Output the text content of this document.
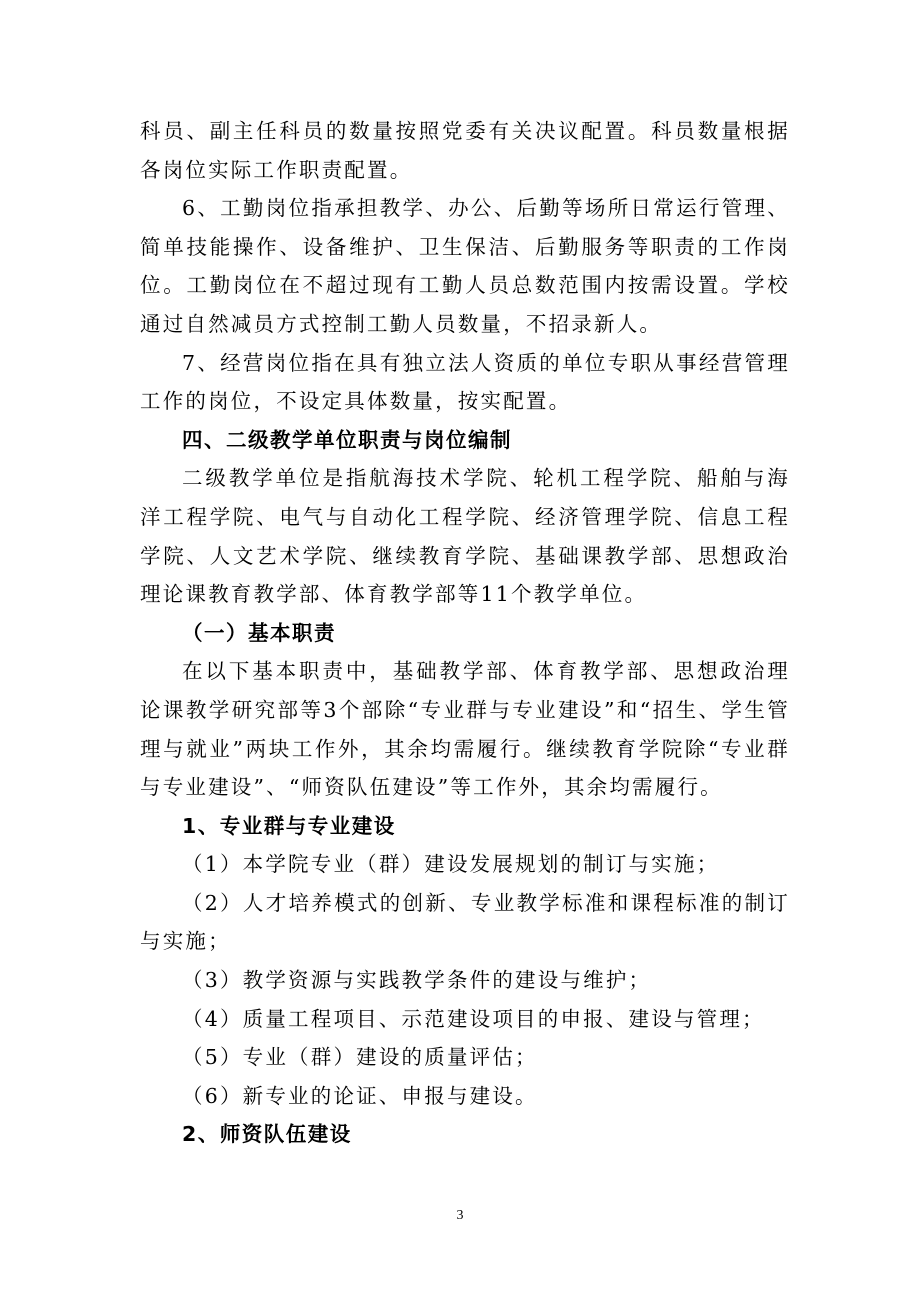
科员、副主任科员的数量按照党委有关决议配置。科员数量根据各岗位实际工作职责配置。

6、工勤岗位指承担教学、办公、后勤等场所日常运行管理、简单技能操作、设备维护、卫生保洁、后勤服务等职责的工作岗位。工勤岗位在不超过现有工勤人员总数范围内按需设置。学校通过自然减员方式控制工勤人员数量，不招录新人。

7、经营岗位指在具有独立法人资质的单位专职从事经营管理工作的岗位，不设定具体数量，按实配置。

四、二级教学单位职责与岗位编制

二级教学单位是指航海技术学院、轮机工程学院、船舶与海洋工程学院、电气与自动化工程学院、经济管理学院、信息工程学院、人文艺术学院、继续教育学院、基础课教学部、思想政治理论课教育教学部、体育教学部等11个教学单位。

（一）基本职责

在以下基本职责中，基础教学部、体育教学部、思想政治理论课教学研究部等3个部除“专业群与专业建设”和“招生、学生管理与就业”两块工作外，其余均需履行。继续教育学院除“专业群与专业建设”、“师资队伍建设”等工作外，其余均需履行。

1、专业群与专业建设

（1）本学院专业（群）建设发展规划的制订与实施；

（2）人才培养模式的创新、专业教学标准和课程标准的制订与实施；

（3）教学资源与实践教学条件的建设与维护；

（4）质量工程项目、示范建设项目的申报、建设与管理；

（5）专业（群）建设的质量评估；

（6）新专业的论证、申报与建设。

2、师资队伍建设

3
